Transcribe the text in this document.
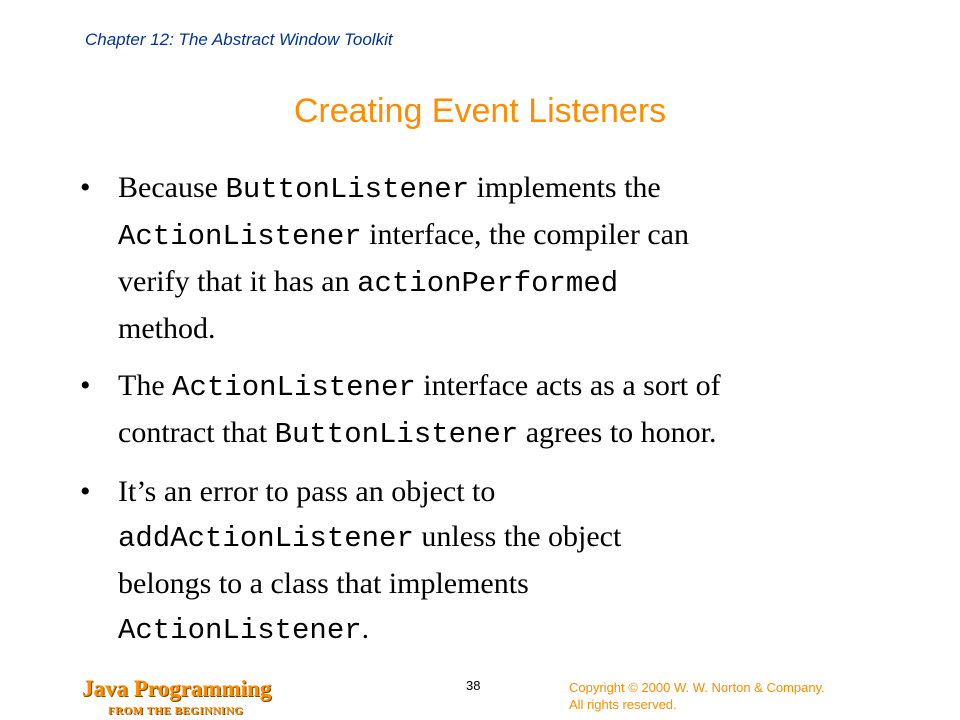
Chapter 12: The Abstract Window Toolkit
Creating Event Listeners
• Because ButtonListener implements the
ActionListener interface, the compiler can
verify that it has an actionPerformed
method.
• The ActionListener interface acts as a sort of
contract that ButtonListener agrees to honor.
• It’s an error to pass an object to
addActionListener unless the object
belongs to a class that implements
ActionListener.
Java Programming
FROM THE BEGINNING
38	Copyright © 2000 W. W. Norton & Company.
All rights reserved.
